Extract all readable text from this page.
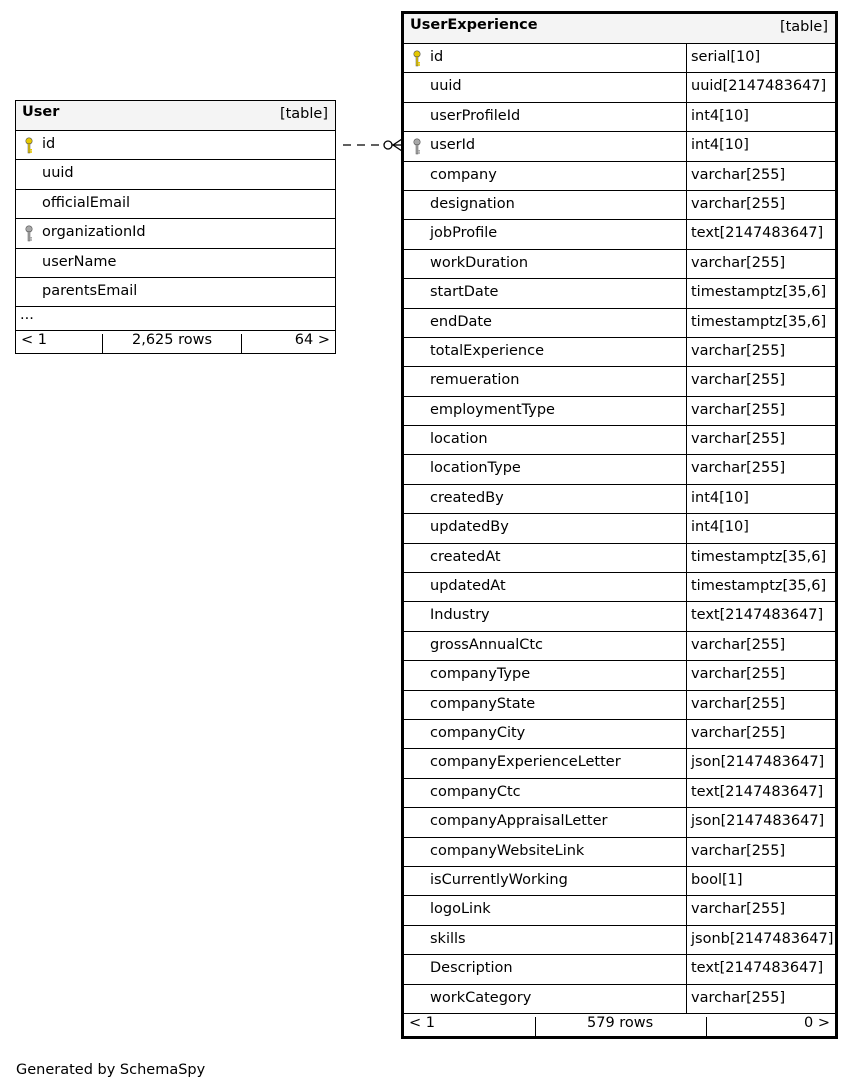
User	[table]
id
uuid
officialEmail
organizationId
userName
parentsEmail
...
< 1	2,625 rows	64 >
UserExperience	[table]
id	serial[10]
uuid	uuid[2147483647]
userProfileId	int4[10]
userId	int4[10]
company	varchar[255]
designation	varchar[255]
jobProfile	text[2147483647]
workDuration	varchar[255]
startDate	timestamptz[35,6]
endDate	timestamptz[35,6]
totalExperience	varchar[255]
remueration	varchar[255]
employmentType	varchar[255]
location	varchar[255]
locationType	varchar[255]
createdBy	int4[10]
updatedBy	int4[10]
createdAt	timestamptz[35,6]
updatedAt	timestamptz[35,6]
Industry	text[2147483647]
grossAnnualCtc	varchar[255]
companyType	varchar[255]
companyState	varchar[255]
companyCity	varchar[255]
companyExperienceLetter	json[2147483647]
companyCtc	text[2147483647]
companyAppraisalLetter	json[2147483647]
companyWebsiteLink	varchar[255]
isCurrentlyWorking	bool[1]
logoLink	varchar[255]
skills	jsonb[2147483647]
Description	text[2147483647]
workCategory	varchar[255]
< 1	579 rows	0 >
Generated by SchemaSpy
